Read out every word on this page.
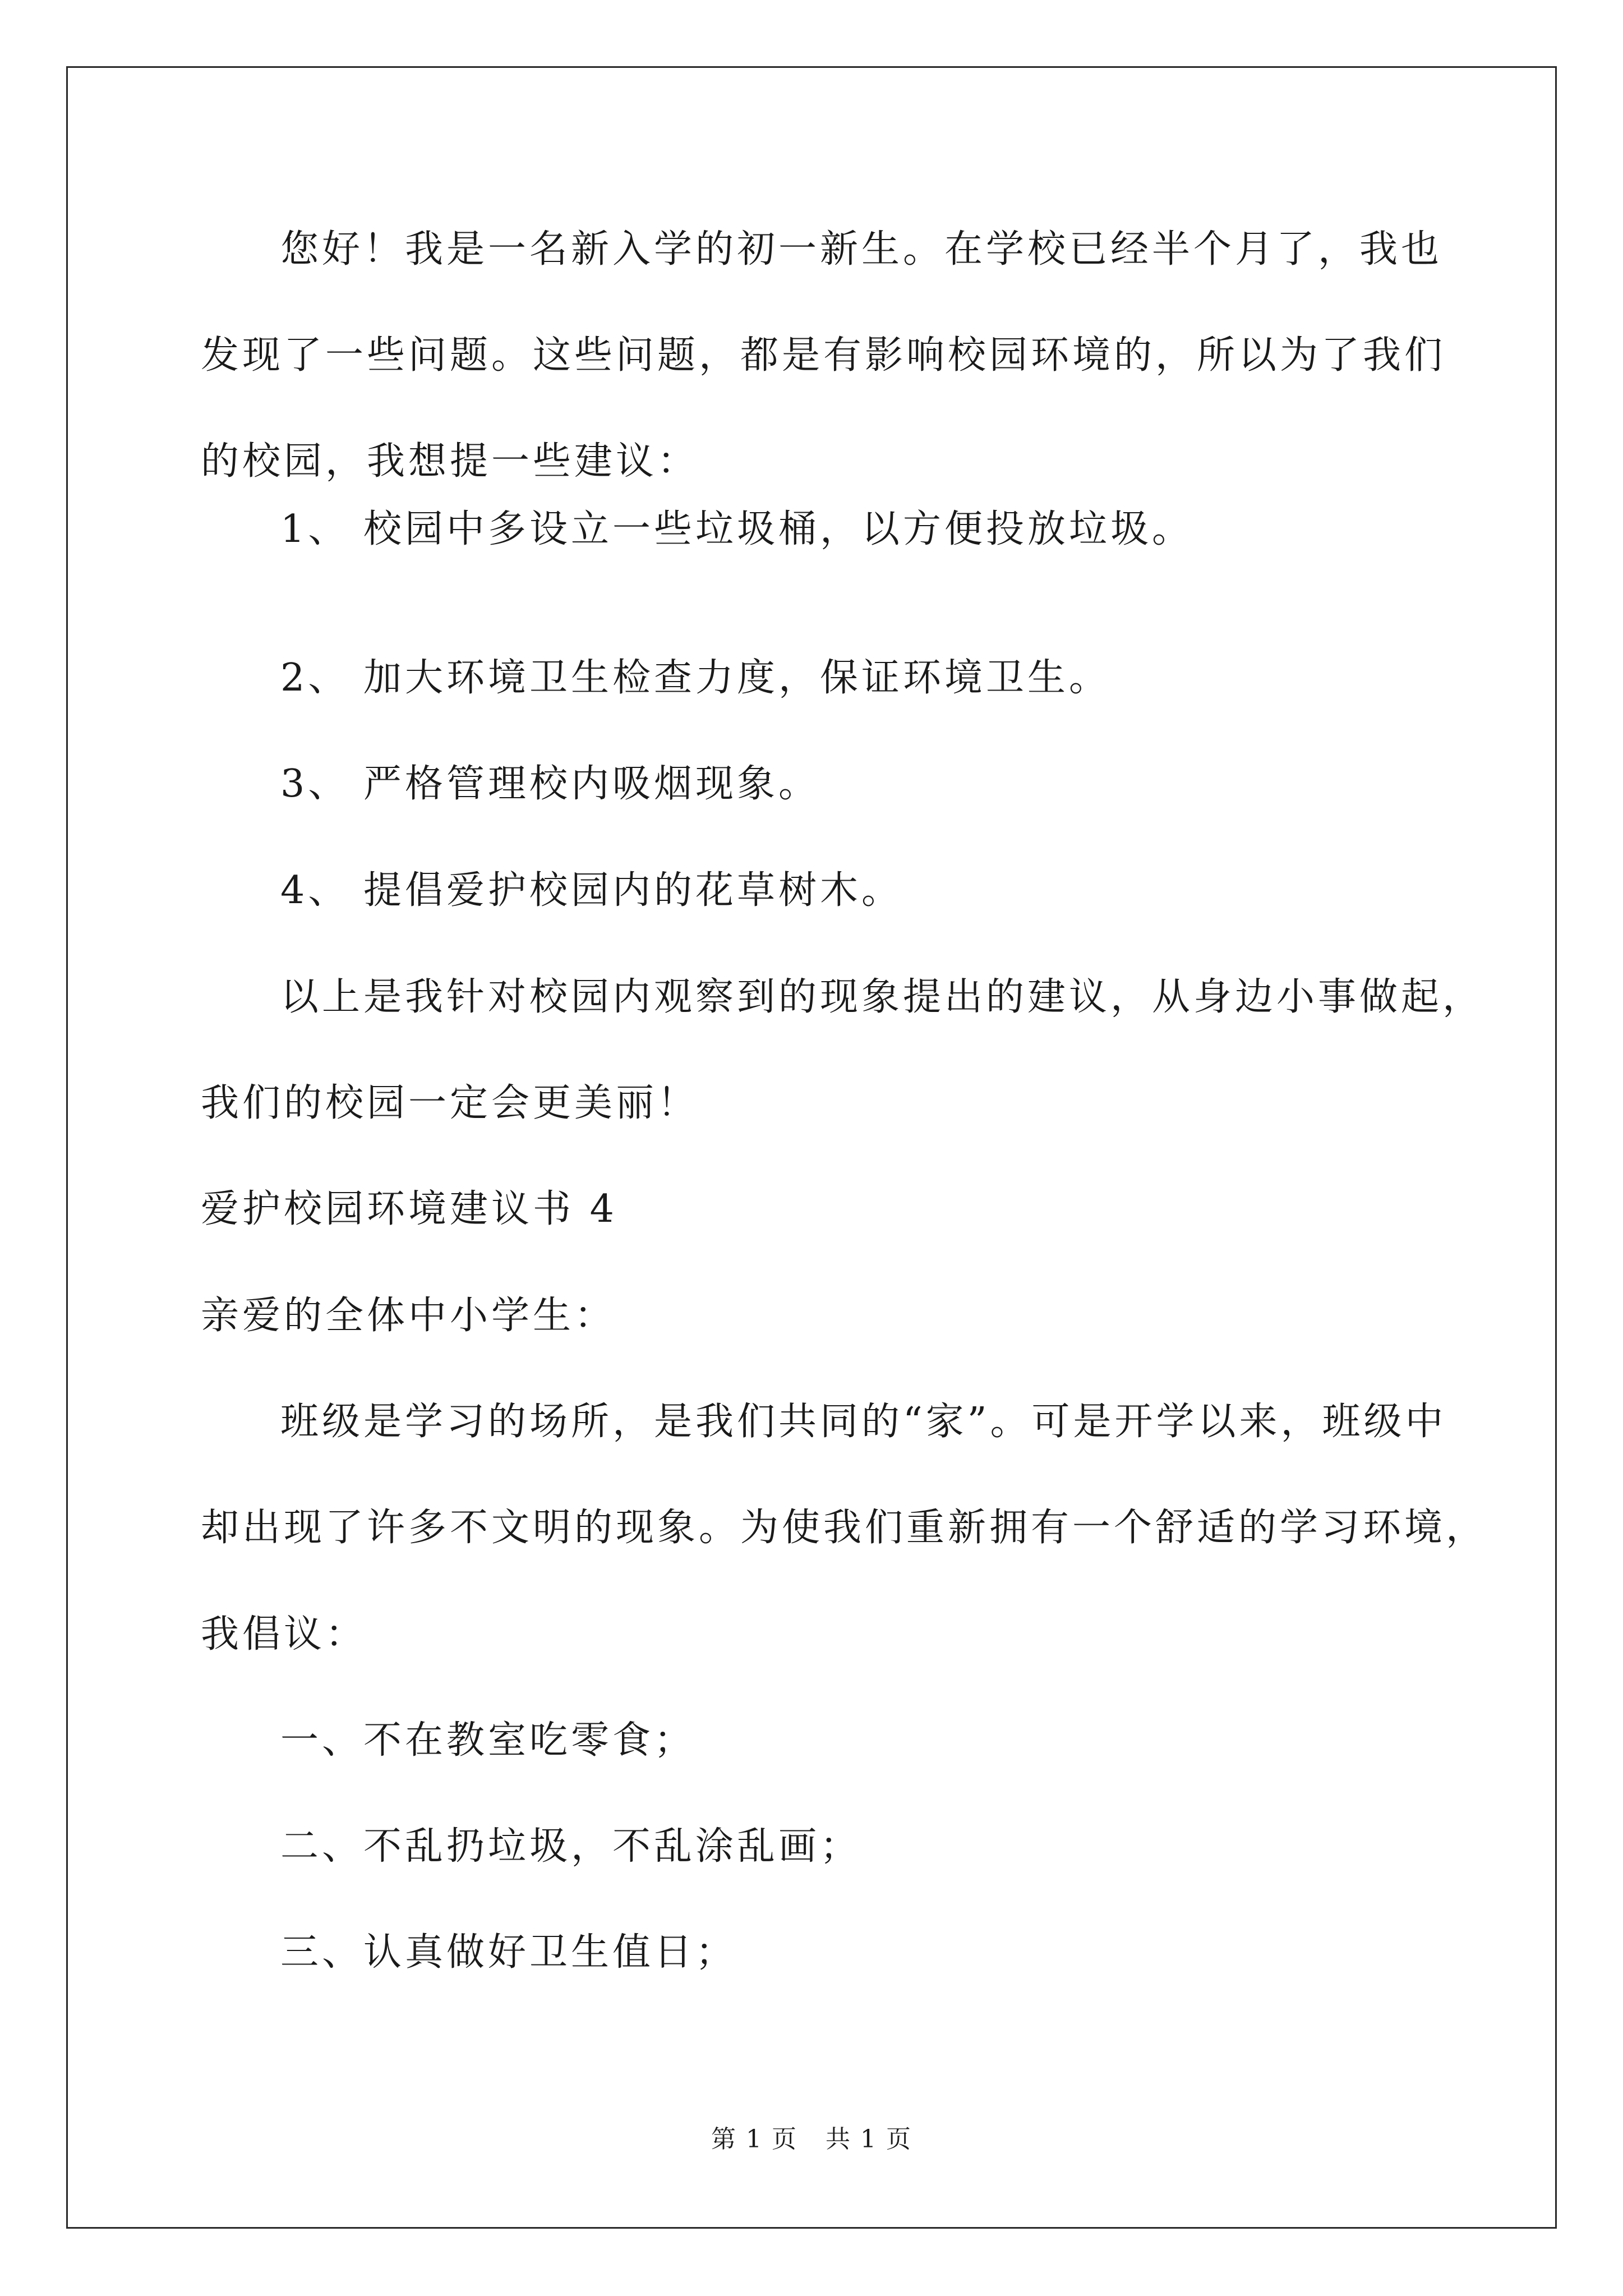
您好！我是一名新入学的初一新生。在学校已经半个月了，我也
发现了一些问题。这些问题，都是有影响校园环境的，所以为了我们
的校园，我想提一些建议：
1、 校园中多设立一些垃圾桶，以方便投放垃圾。
2、 加大环境卫生检查力度，保证环境卫生。
3、 严格管理校内吸烟现象。
4、 提倡爱护校园内的花草树木。
以上是我针对校园内观察到的现象提出的建议，从身边小事做起，
我们的校园一定会更美丽！
爱护校园环境建议书 4
亲爱的全体中小学生：
班级是学习的场所，是我们共同的“家”。可是开学以来，班级中
却出现了许多不文明的现象。为使我们重新拥有一个舒适的学习环境，
我倡议：
一、不在教室吃零食；
二、不乱扔垃圾，不乱涂乱画；
三、认真做好卫生值日；
第 1 页 共 1 页
